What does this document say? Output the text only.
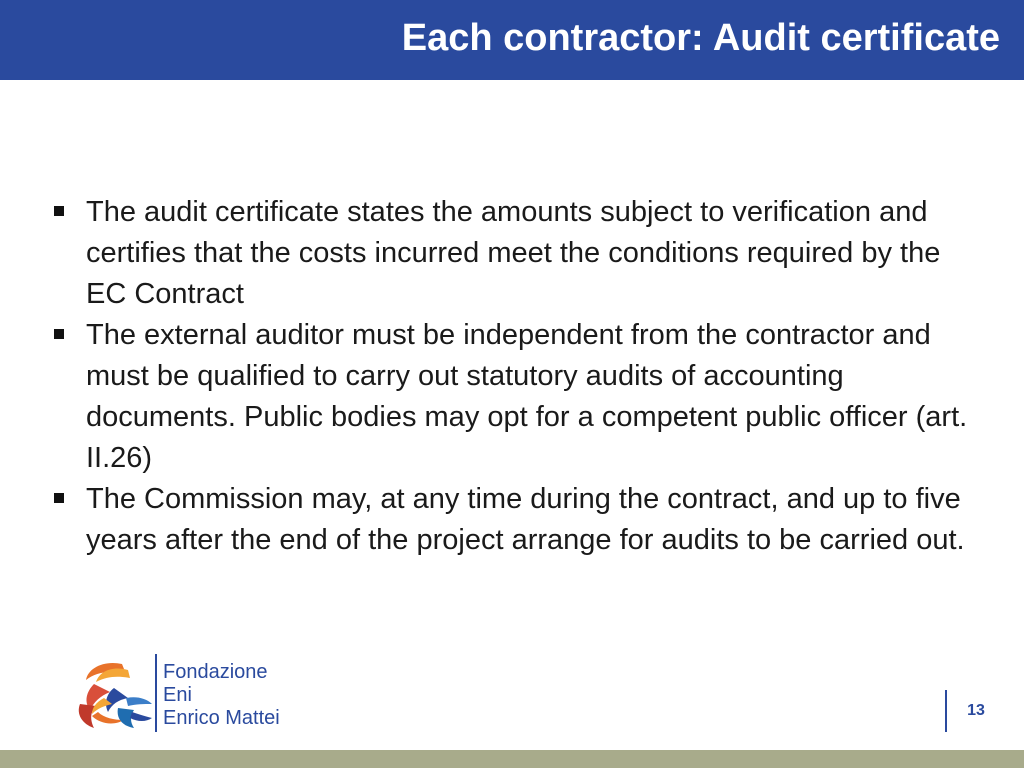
Each contractor: Audit certificate
The audit certificate states the amounts subject to verification and certifies that the costs incurred meet the conditions required by the EC Contract
The external auditor must be independent from the contractor and must be qualified to carry out statutory audits of accounting documents. Public bodies may opt for a competent public officer (art. II.26)
The Commission may, at any time during the contract, and up to five years after the end of the project arrange for audits to be carried out.
Fondazione
Eni
Enrico Mattei	13
